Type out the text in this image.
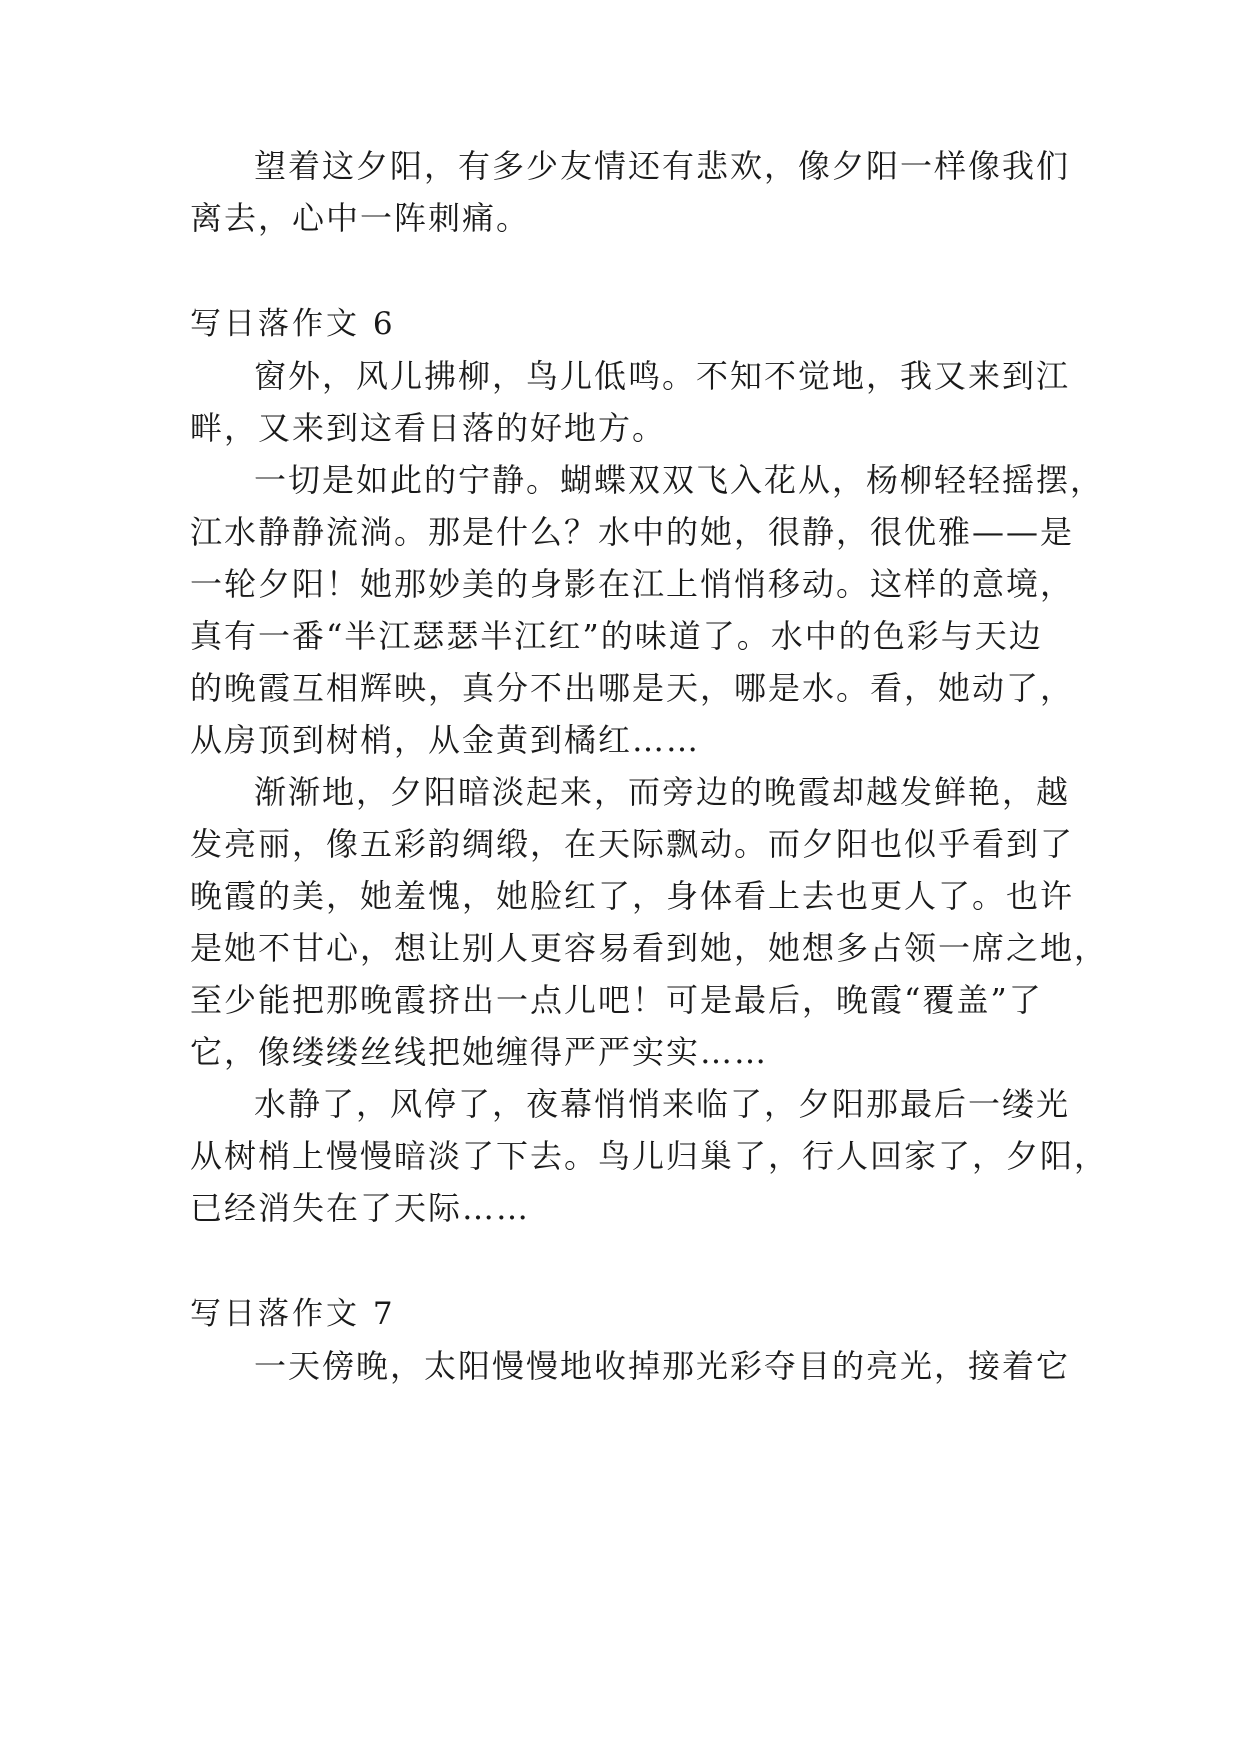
望着这夕阳，有多少友情还有悲欢，像夕阳一样像我们
离去，心中一阵刺痛。
写日落作文 6
窗外，风儿拂柳，鸟儿低鸣。不知不觉地，我又来到江
畔，又来到这看日落的好地方。
一切是如此的宁静。蝴蝶双双飞入花从，杨柳轻轻摇摆，
江水静静流淌。那是什么？水中的她，很静，很优雅——是
一轮夕阳！她那妙美的身影在江上悄悄移动。这样的意境，
真有一番“半江瑟瑟半江红”的味道了。水中的色彩与天边
的晚霞互相辉映，真分不出哪是天，哪是水。看，她动了，
从房顶到树梢，从金黄到橘红……
渐渐地，夕阳暗淡起来，而旁边的晚霞却越发鲜艳，越
发亮丽，像五彩韵绸缎，在天际飘动。而夕阳也似乎看到了
晚霞的美，她羞愧，她脸红了，身体看上去也更人了。也许
是她不甘心，想让别人更容易看到她，她想多占领一席之地，
至少能把那晚霞挤出一点儿吧！可是最后，晚霞“覆盖”了
它，像缕缕丝线把她缠得严严实实……
水静了，风停了，夜幕悄悄来临了，夕阳那最后一缕光
从树梢上慢慢暗淡了下去。鸟儿归巢了，行人回家了，夕阳，
已经消失在了天际……
写日落作文 7
一天傍晚，太阳慢慢地收掉那光彩夺目的亮光，接着它
